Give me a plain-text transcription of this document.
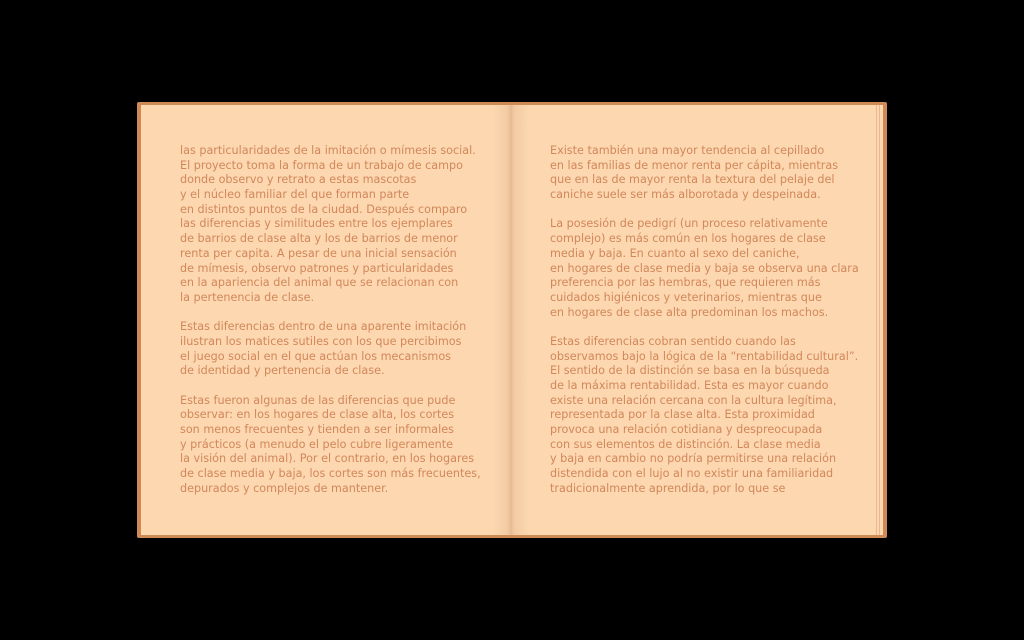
las particularidades de la imitación o mímesis social.
El proyecto toma la forma de un trabajo de campo
donde observo y retrato a estas mascotas
y el núcleo familiar del que forman parte
en distintos puntos de la ciudad. Después comparo
las diferencias y similitudes entre los ejemplares
de barrios de clase alta y los de barrios de menor
renta per capita. A pesar de una inicial sensación
de mímesis, observo patrones y particularidades
en la apariencia del animal que se relacionan con
la pertenencia de clase.
Estas diferencias dentro de una aparente imitación
ilustran los matices sutiles con los que percibimos
el juego social en el que actúan los mecanismos
de identidad y pertenencia de clase.
Estas fueron algunas de las diferencias que pude
observar: en los hogares de clase alta, los cortes
son menos frecuentes y tienden a ser informales
y prácticos (a menudo el pelo cubre ligeramente
la visión del animal). Por el contrario, en los hogares
de clase media y baja, los cortes son más frecuentes,
depurados y complejos de mantener.
Existe también una mayor tendencia al cepillado
en las familias de menor renta per cápita, mientras
que en las de mayor renta la textura del pelaje del
caniche suele ser más alborotada y despeinada.
La posesión de pedigrí (un proceso relativamente
complejo) es más común en los hogares de clase
media y baja. En cuanto al sexo del caniche,
en hogares de clase media y baja se observa una clara
preferencia por las hembras, que requieren más
cuidados higiénicos y veterinarios, mientras que
en hogares de clase alta predominan los machos.
Estas diferencias cobran sentido cuando las
observamos bajo la lógica de la “rentabilidad cultural”.
El sentido de la distinción se basa en la búsqueda
de la máxima rentabilidad. Esta es mayor cuando
existe una relación cercana con la cultura legítima,
representada por la clase alta. Esta proximidad
provoca una relación cotidiana y despreocupada
con sus elementos de distinción. La clase media
y baja en cambio no podría permitirse una relación
distendida con el lujo al no existir una familiaridad
tradicionalmente aprendida, por lo que se
